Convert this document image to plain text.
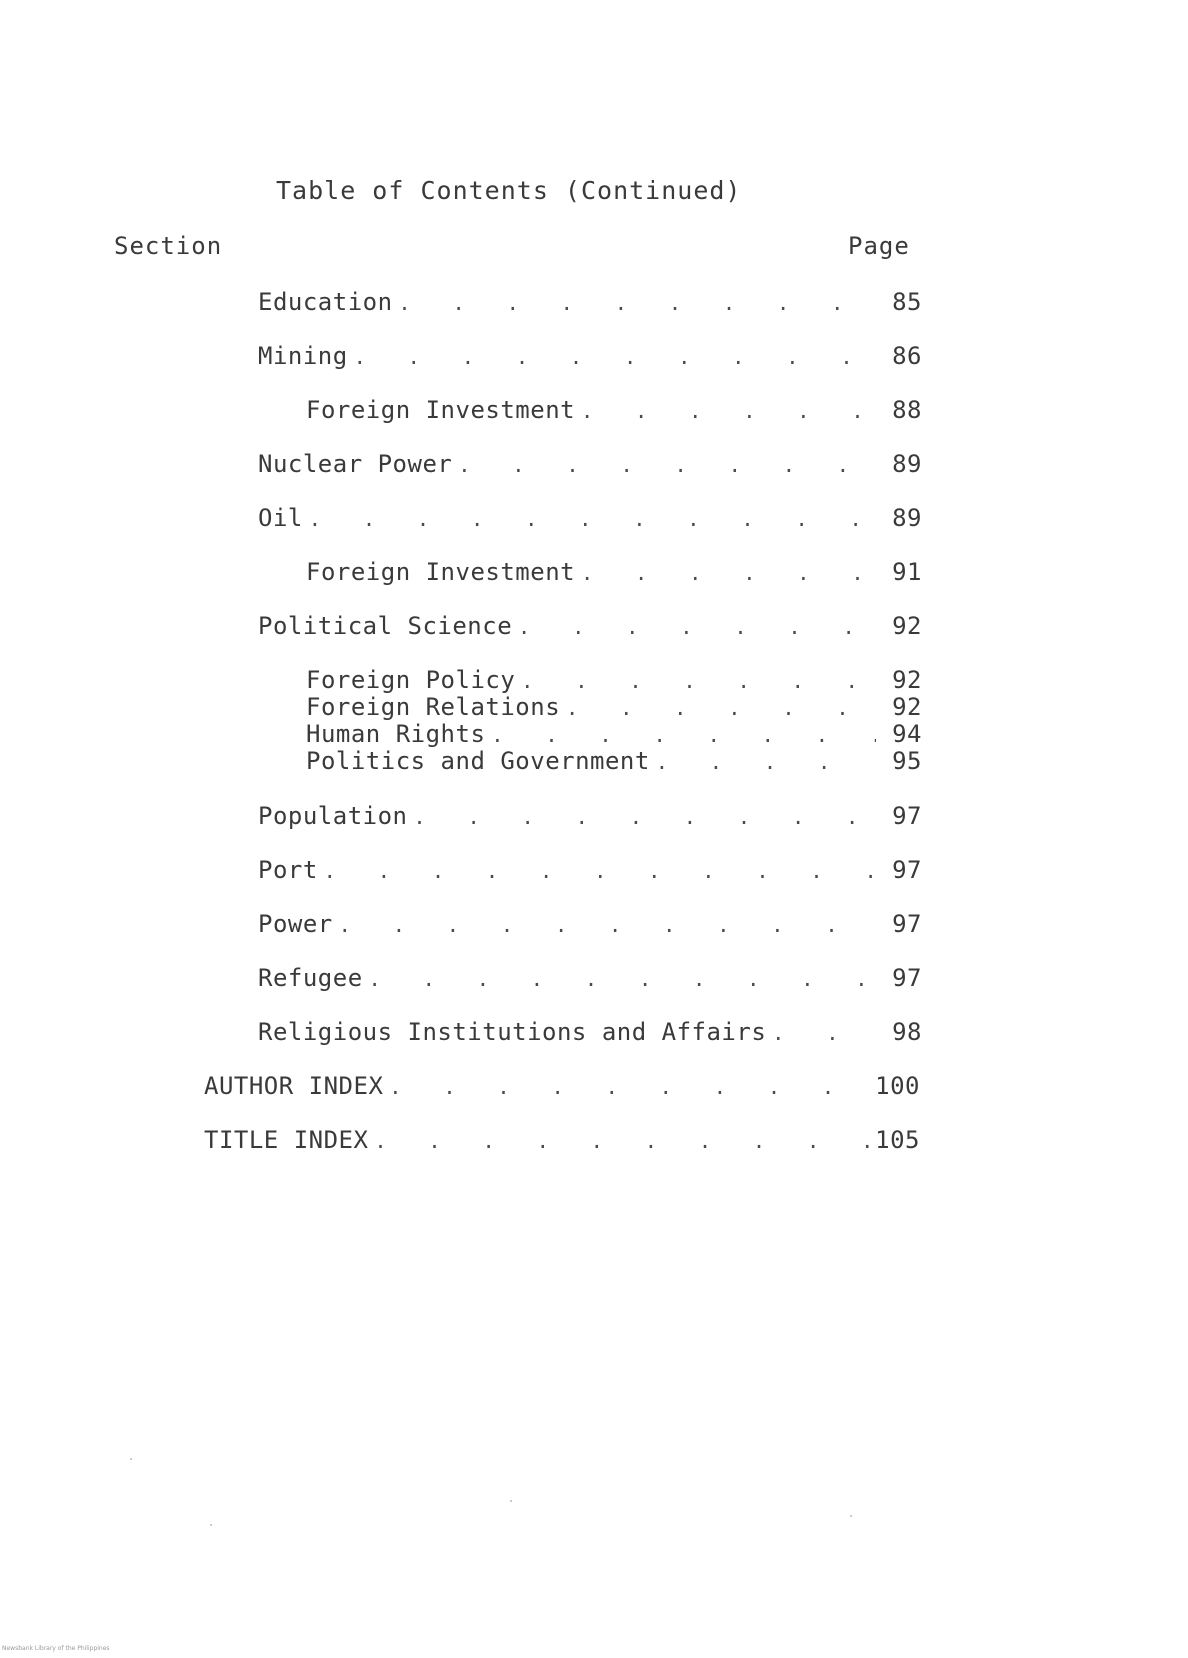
Table of Contents (Continued)
Section	Page
Education . . .	85
Mining . . .	86
Foreign Investment . . .	88
Nuclear Power . . .	89
Oil . . .	89
Foreign Investment . . .	91
Political Science . . .	92
Foreign Policy . . .	92
Foreign Relations . . .	92
Human Rights . . .	94
Politics and Government . . .	95
Population . . .	97
Port . . .	97
Power . . .	97
Refugee . . .	97
Religious Institutions and Affairs . . .	98
AUTHOR INDEX . . .	100
TITLE INDEX . . .	105
Newsbank Library of the Philippines
